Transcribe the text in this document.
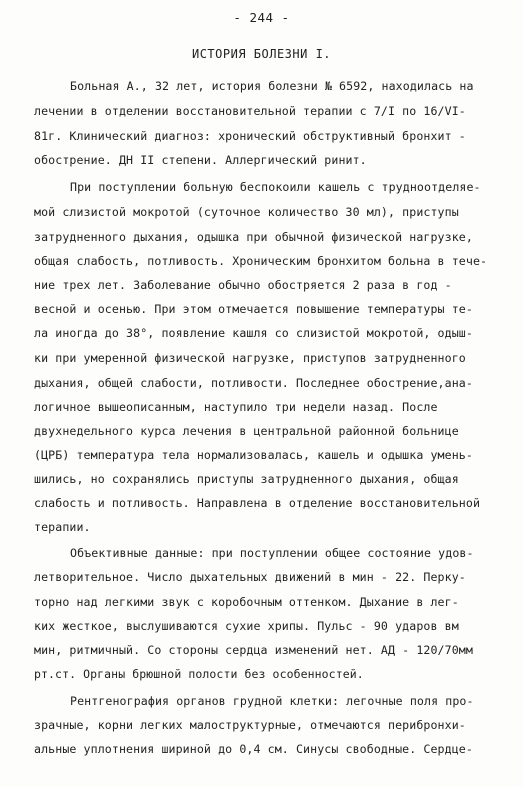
- 244 -
ИСТОРИЯ БОЛЕЗНИ I.

Больная А., 32 лет, история болезни № 6592, находилась на

лечении в отделении восстановительной терапии с 7/I по 16/VI-

81г. Клинический диагноз: хронический обструктивный бронхит -

обострение. ДН II степени. Аллергический ринит.

При поступлении больную беспокоили кашель с трудноотделяе-

мой слизистой мокротой (суточное количество 30 мл), приступы

затрудненного дыхания, одышка при обычной физической нагрузке,

общая слабость, потливость. Хроническим бронхитом больна в тече-

ние трех лет. Заболевание обычно обостряется 2 раза в год -

весной и осенью. При этом отмечается повышение температуры те-

ла иногда до 38°, появление кашля со слизистой мокротой, одыш-

ки при умеренной физической нагрузке, приступов затрудненного

дыхания, общей слабости, потливости. Последнее обострение,ана-

логичное вышеописанным, наступило три недели назад. После

двухнедельного курса лечения в центральной районной больнице

(ЦРБ) температура тела нормализовалась, кашель и одышка умень-

шились, но сохранялись приступы затрудненного дыхания, общая

слабость и потливость. Направлена в отделение восстановительной

терапии.

Объективные данные: при поступлении общее состояние удов-

летворительное. Число дыхательных движений в мин - 22. Перку-

торно над легкими звук с коробочным оттенком. Дыхание в лег-

ких жесткое, выслушиваются сухие хрипы. Пульс - 90 ударов вм

мин, ритмичный. Со стороны сердца изменений нет. АД - 120/70мм

рт.ст. Органы брюшной полости без особенностей.

Рентгенография органов грудной клетки: легочные поля про-

зрачные, корни легких малоструктурные, отмечаются перибронхи-

альные уплотнения шириной до 0,4 см. Синусы свободные. Сердце-
